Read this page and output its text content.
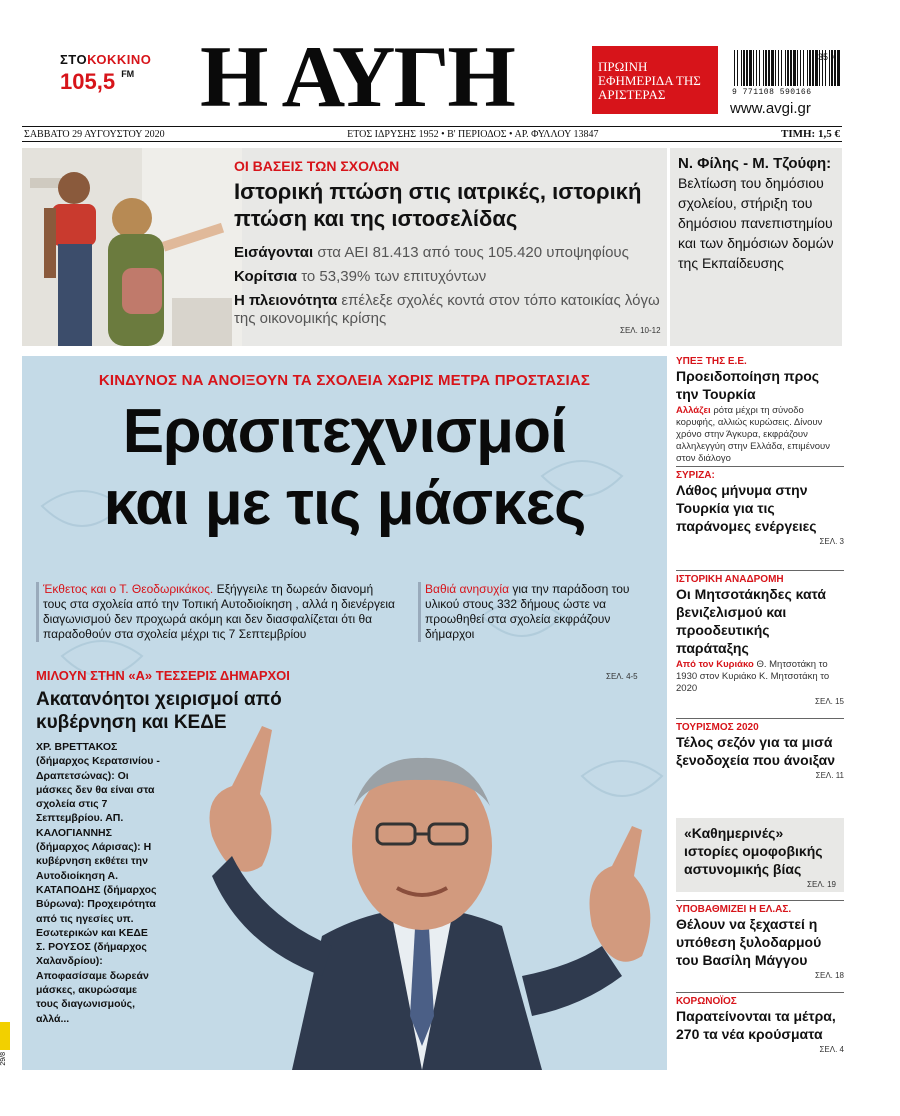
ΣΤΟΚΟΚΚΙΝΟ
105,5 $^{FM}$ Η ΑΥΓΗ	ΠΡΩΙΝΗ ΕΦΗΜΕΡΙΔΑ ΤΗΣ ΑΡΙΣΤΕΡΑΣ	9 771108 590166
35 >
www.avgi.gr
ΣΑΒΒΑΤΟ 29 ΑΥΓΟΥΣΤΟΥ 2020	ΕΤΟΣ ΙΔΡΥΣΗΣ 1952 • Β' ΠΕΡΙΟΔΟΣ • ΑΡ. ΦΥΛΛΟΥ 13847	ΤΙΜΗ: 1,5 €
ΟΙ ΒΑΣΕΙΣ ΤΩΝ ΣΧΟΛΩΝ
Ιστορική πτώση στις ιατρικές, ιστορική πτώση και της ιστοσελίδας
Εισάγονται στα ΑΕΙ 81.413 από τους 105.420 υποψηφίους
Κορίτσια το 53,39% των επιτυχόντων
Η πλειονότητα επέλεξε σχολές κοντά στον τόπο κατοικίας λόγω της οικονομικής κρίσης
ΣΕΛ. 10-12
Ν. Φίλης - Μ. Τζούφη:
Βελτίωση του δημόσιου σχολείου, στήριξη του δημόσιου πανεπιστημίου και των δημόσιων δομών της Εκπαίδευσης
ΚΙΝΔΥΝΟΣ ΝΑ ΑΝΟΙΞΟΥΝ ΤΑ ΣΧΟΛΕΙΑ ΧΩΡΙΣ ΜΕΤΡΑ ΠΡΟΣΤΑΣΙΑΣ
Ερασιτεχνισμοί
και με τις μάσκες
Έκθετος και ο Τ. Θεοδωρικάκος. Εξήγγειλε τη δωρεάν διανομή τους στα σχολεία από την Τοπική Αυτοδιοίκηση , αλλά η διενέργεια διαγωνισμού δεν προχωρά ακόμη και δεν διασφαλίζεται ότι θα παραδοθούν στα σχολεία μέχρι τις 7 Σεπτεμβρίου
Βαθιά ανησυχία για την παράδοση του υλικού στους 332 δήμους ώστε να προωθηθεί στα σχολεία εκφράζουν δήμαρχοι
ΣΕΛ. 4-5
ΜΙΛΟΥΝ ΣΤΗΝ «Α» ΤΕΣΣΕΡΙΣ ΔΗΜΑΡΧΟΙ
Ακατανόητοι χειρισμοί από κυβέρνηση και ΚΕΔΕ
ΧΡ. ΒΡΕΤΤΑΚΟΣ (δήμαρχος Κερατσινίου - Δραπετσώνας): Οι μάσκες δεν θα είναι στα σχολεία στις 7 Σεπτεμβρίου. ΑΠ. ΚΑΛΟΓΙΑΝΝΗΣ (δήμαρχος Λάρισας): Η κυβέρνηση εκθέτει την Αυτοδιοίκηση Α. ΚΑΤΑΠΟΔΗΣ (δήμαρχος Βύρωνα): Προχειρότητα από τις ηγεσίες υπ. Εσωτερικών και ΚΕΔΕ Σ. ΡΟΥΣΟΣ (δήμαρχος Χαλανδρίου): Αποφασίσαμε δωρεάν μάσκες, ακυρώσαμε τους διαγωνισμούς, αλλά...
ΥΠΕΞ ΤΗΣ Ε.Ε.
Προειδοποίηση προς την Τουρκία
Αλλάζει ρότα μέχρι τη σύνοδο κορυφής, αλλιώς κυρώσεις. Δίνουν χρόνο στην Άγκυρα, εκφράζουν αλληλεγγύη στην Ελλάδα, επιμένουν στον διάλογο
ΣΥΡΙΖΑ:
Λάθος μήνυμα στην Τουρκία για τις παράνομες ενέργειες
ΣΕΛ. 3
ΙΣΤΟΡΙΚΗ ΑΝΑΔΡΟΜΗ
Οι Μητσοτάκηδες κατά βενιζελισμού και προοδευτικής παράταξης
Από τον Κυριάκο Θ. Μητσοτάκη το 1930 στον Κυριάκο Κ. Μητσοτάκη το 2020
ΣΕΛ. 15
ΤΟΥΡΙΣΜΟΣ 2020
Τέλος σεζόν για τα μισά ξενοδοχεία που άνοιξαν
ΣΕΛ. 11
«Καθημερινές» ιστορίες ομοφοβικής αστυνομικής βίας
ΣΕΛ. 19
ΥΠΟΒΑΘΜΙΖΕΙ Η ΕΛ.ΑΣ.
Θέλουν να ξεχαστεί η υπόθεση ξυλοδαρμού του Βασίλη Μάγγου
ΣΕΛ. 18
ΚΟΡΩΝΟΪΟΣ
Παρατείνονται τα μέτρα, 270 τα νέα κρούσματα
ΣΕΛ. 4
29/8
